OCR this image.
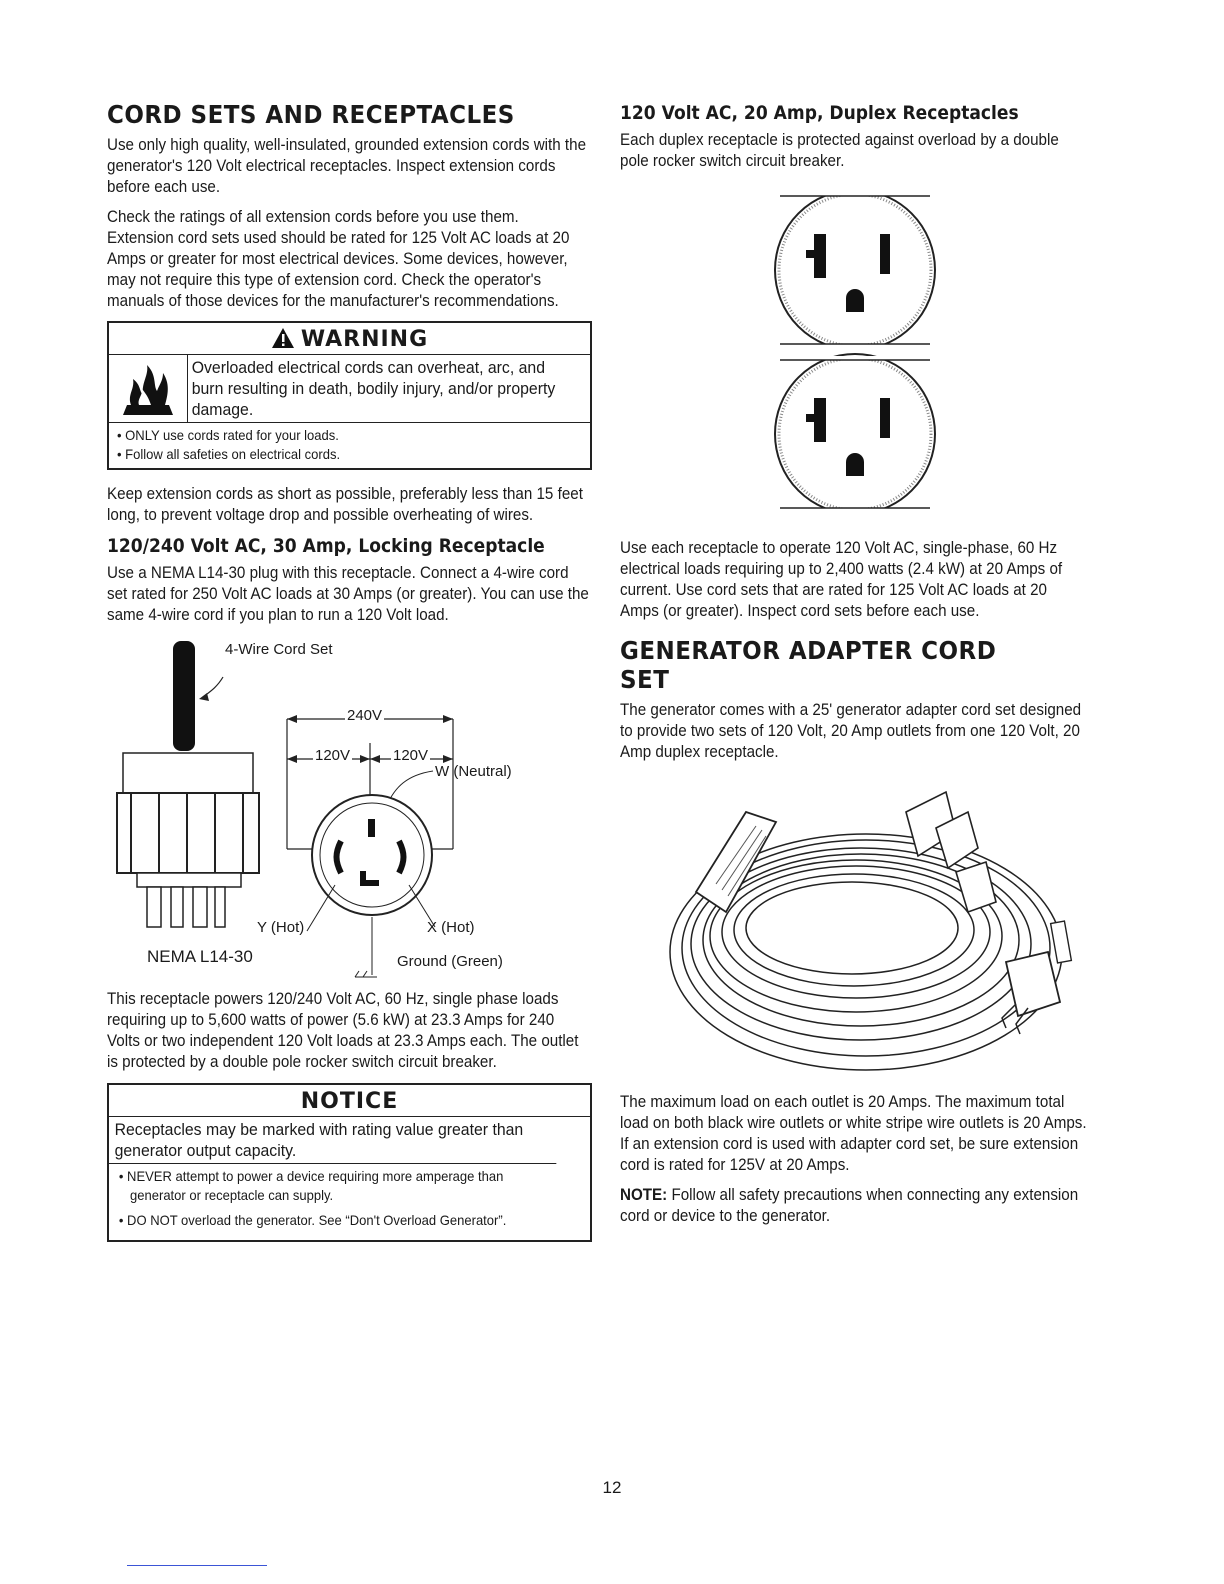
CORD SETS AND RECEPTACLES

Use only high quality, well-insulated, grounded extension cords with the generator's 120 Volt electrical receptacles. Inspect extension cords before each use.

Check the ratings of all extension cords before you use them. Extension cord sets used should be rated for 125 Volt AC loads at 20 Amps or greater for most electrical devices. Some devices, however, may not require this type of extension cord. Check the operator's manuals of those devices for the manufacturer's recommendations.

WARNING
Overloaded electrical cords can overheat, arc, and burn resulting in death, bodily injury, and/or property damage.
• ONLY use cords rated for your loads.
• Follow all safeties on electrical cords.

Keep extension cords as short as possible, preferably less than 15 feet long, to prevent voltage drop and possible overheating of wires.

120/240 Volt AC, 30 Amp, Locking Receptacle

Use a NEMA L14-30 plug with this receptacle. Connect a 4-wire cord set rated for 250 Volt AC loads at 30 Amps (or greater). You can use the same 4-wire cord if you plan to run a 120 Volt load.

4-Wire Cord Set
240V
120V	120V
W (Neutral)
Y (Hot)	X (Hot)
Ground (Green)
NEMA L14-30

This receptacle powers 120/240 Volt AC, 60 Hz, single phase loads requiring up to 5,600 watts of power (5.6 kW) at 23.3 Amps for 240 Volts or two independent 120 Volt loads at 23.3 Amps each. The outlet is protected by a double pole rocker switch circuit breaker.

NOTICE
Receptacles may be marked with rating value greater than generator output capacity.
• NEVER attempt to power a device requiring more amperage than generator or receptacle can supply.
• DO NOT overload the generator. See “Don't Overload Generator”.
120 Volt AC, 20 Amp, Duplex Receptacles

Each duplex receptacle is protected against overload by a double pole rocker switch circuit breaker.

Use each receptacle to operate 120 Volt AC, single-phase, 60 Hz electrical loads requiring up to 2,400 watts (2.4 kW) at 20 Amps of current. Use cord sets that are rated for 125 Volt AC loads at 20 Amps (or greater). Inspect cord sets before each use.

GENERATOR ADAPTER CORD SET

The generator comes with a 25' generator adapter cord set designed to provide two sets of 120 Volt, 20 Amp outlets from one 120 Volt, 20 Amp duplex receptacle.

The maximum load on each outlet is 20 Amps. The maximum total load on both black wire outlets or white stripe wire outlets is 20 Amps. If an extension cord is used with adapter cord set, be sure extension cord is rated for 125V at 20 Amps.

NOTE: Follow all safety precautions when connecting any extension cord or device to the generator.

12
